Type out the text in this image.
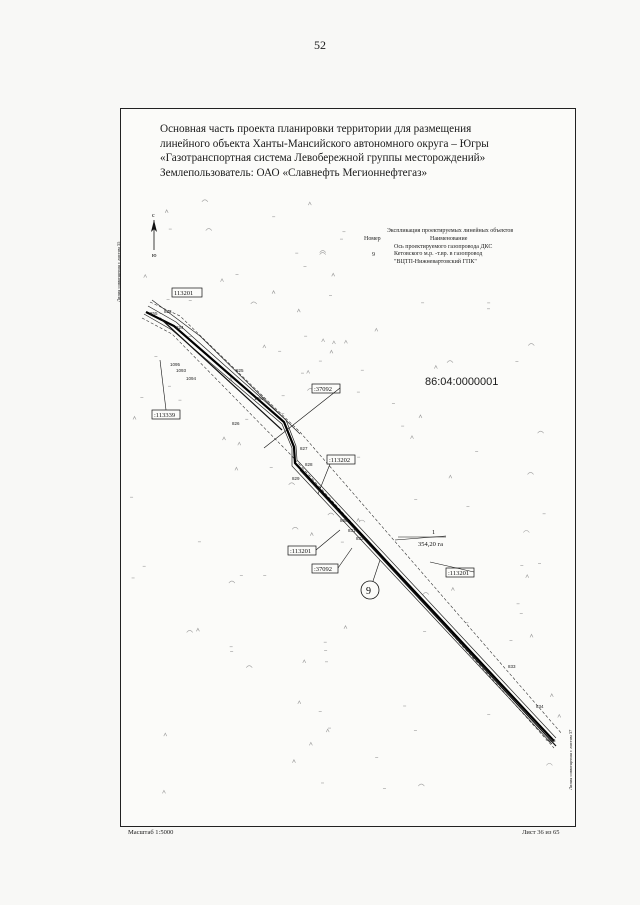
52
Основная часть проекта планировки территории для размещения
линейного объекта Ханты-Мансийского автономного округа – Югры
«Газотранспортная система Левобережной группы месторождений»
Землепользователь: ОАО «Славнефть Мегионнефтегаз»
113201
:113339
:37092
:113202
:113201
:37092
:113201
1
354,20 га
9
855 823
824
825
1092
1093
1094
1095
826
827
828
829
830
831
832
833
834
835
с
ю
Экспликация проектируемых линейных объектов
Номер	Наименование
9
Ось проектируемого газопровода ДКС
Кетовского м.р. -т.вр. в газопровод
"ВЦТП-Нижневартовский ГПК"
86:04:0000001
Линия совмещения с листом 35
Линия совмещения с листом 37
Масштаб 1:5000	Лист 36 из 65
